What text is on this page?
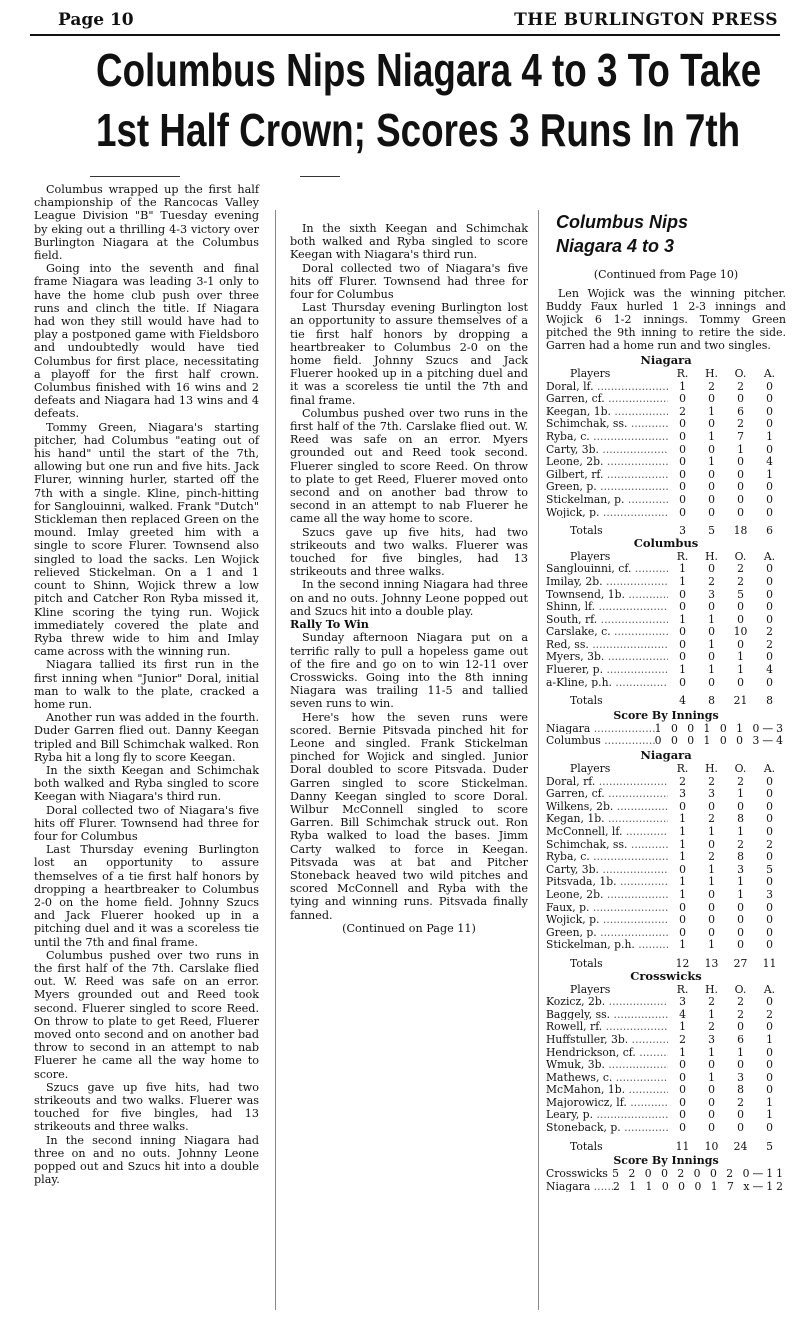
Page 10	THE BURLINGTON PRESS
Columbus Nips Niagara 4 to 3 To Take
1st Half Crown; Scores 3 Runs In 7th

Columbus wrapped up the first half championship of the Rancocas Valley League Division "B" Tuesday evening by eking out a thrilling 4-3 victory over Burlington Niagara at the Columbus field.

Going into the seventh and final frame Niagara was leading 3-1 only to have the home club push over three runs and clinch the title. If Niagara had won they still would have had to play a postponed game with Fieldsboro and undoubtedly would have tied Columbus for first place, necessitating a playoff for the first half crown. Columbus finished with 16 wins and 2 defeats and Niagara had 13 wins and 4 defeats.

Tommy Green, Niagara's starting pitcher, had Columbus "eating out of his hand" until the start of the 7th, allowing but one run and five hits. Jack Flurer, winning hurler, started off the 7th with a single. Kline, pinch-hitting for Sanglouinni, walked. Frank "Dutch" Stickleman then replaced Green on the mound. Imlay greeted him with a single to score Flurer. Townsend also singled to load the sacks. Len Wojick relieved Stickelman. On a 1 and 1 count to Shinn, Wojick threw a low pitch and Catcher Ron Ryba missed it, Kline scoring the tying run. Wojick immediately covered the plate and Ryba threw wide to him and Imlay came across with the winning run.

Niagara tallied its first run in the first inning when "Junior" Doral, initial man to walk to the plate, cracked a home run.

Another run was added in the fourth. Duder Garren flied out. Danny Keegan tripled and Bill Schimchak walked. Ron Ryba hit a long fly to score Keegan.

In the sixth Keegan and Schimchak both walked and Ryba singled to score Keegan with Niagara's third run.

Doral collected two of Niagara's five hits off Flurer. Townsend had three for four for Columbus

Last Thursday evening Burlington lost an opportunity to assure themselves of a tie first half honors by dropping a heartbreaker to Columbus 2-0 on the home field. Johnny Szucs and Jack Fluerer hooked up in a pitching duel and it was a scoreless tie until the 7th and final frame.

Columbus pushed over two runs in the first half of the 7th. Carslake flied out. W. Reed was safe on an error. Myers grounded out and Reed took second. Fluerer singled to score Reed. On throw to plate to get Reed, Fluerer moved onto second and on another bad throw to second in an attempt to nab Fluerer he came all the way home to score.

Szucs gave up five hits, had two strikeouts and two walks. Fluerer was touched for five bingles, had 13 strikeouts and three walks.

In the second inning Niagara had three on and no outs. Johnny Leone popped out and Szucs hit into a double play.

In the sixth Keegan and Schimchak both walked and Ryba singled to score Keegan with Niagara's third run.

Doral collected two of Niagara's five hits off Flurer. Townsend had three for four for Columbus

Last Thursday evening Burlington lost an opportunity to assure themselves of a tie first half honors by dropping a heartbreaker to Columbus 2-0 on the home field. Johnny Szucs and Jack Fluerer hooked up in a pitching duel and it was a scoreless tie until the 7th and final frame.

Columbus pushed over two runs in the first half of the 7th. Carslake flied out. W. Reed was safe on an error. Myers grounded out and Reed took second. Fluerer singled to score Reed. On throw to plate to get Reed, Fluerer moved onto second and on another bad throw to second in an attempt to nab Fluerer he came all the way home to score.

Szucs gave up five hits, had two strikeouts and two walks. Fluerer was touched for five bingles, had 13 strikeouts and three walks.

In the second inning Niagara had three on and no outs. Johnny Leone popped out and Szucs hit into a double play.

Rally To Win

Sunday afternoon Niagara put on a terrific rally to pull a hopeless game out of the fire and go on to win 12-11 over Crosswicks. Going into the 8th inning Niagara was trailing 11-5 and tallied seven runs to win.

Here's how the seven runs were scored. Bernie Pitsvada pinched hit for Leone and singled. Frank Stickelman pinched for Wojick and singled. Junior Doral doubled to score Pitsvada. Duder Garren singled to score Stickelman. Danny Keegan singled to score Doral. Wilbur McConnell singled to score Garren. Bill Schimchak struck out. Ron Ryba walked to load the bases. Jimm Carty walked to force in Keegan. Pitsvada was at bat and Pitcher Stoneback heaved two wild pitches and scored McConnell and Ryba with the tying and winning runs. Pitsvada finally fanned.

(Continued on Page 11)

Columbus Nips
Niagara 4 to 3

(Continued from Page 10)

Len Wojick was the winning pitcher. Buddy Faux hurled 1 2-3 innings and Wojick 6 1-2 innings. Tommy Green pitched the 9th inning to retire the side. Garren had a home run and two singles.

Niagara
Players	R.	H.	O.	A.
Doral, lf. .....	1	2	2	0
Garren, cf. .....	0	0	0	0
Keegan, 1b. .....	2	1	6	0
Schimchak, ss. .....	0	0	2	0
Ryba, c. .....	0	1	7	1
Carty, 3b. .....	0	0	1	0
Leone, 2b. .....	0	1	0	4
Gilbert, rf. .....	0	0	0	1
Green, p. .....	0	0	0	0
Stickelman, p. .....	0	0	0	0
Wojick, p. .....	0	0	0	0
Totals	3	5	18	6
Columbus
Players	R.	H.	O.	A.
Sanglouinni, cf. .....	1	0	2	0
Imilay, 2b. .....	1	2	2	0
Townsend, 1b. .....	0	3	5	0
Shinn, lf. .....	0	0	0	0
South, rf. .....	1	1	0	0
Carslake, c. .....	0	0	10	2
Red, ss. .....	0	1	0	2
Myers, 3b. .....	0	0	1	0
Fluerer, p. .....	1	1	1	4
a-Kline, p.h. .....	0	0	0	0
Totals	4	8	21	8
Score By Innings
Niagara .....	1 0 0 1 0 1 0—3
Columbus .....	0 0 0 1 0 0 3—4
Niagara
Players	R.	H.	O.	A.
Doral, rf. .....	2	2	2	0
Garren, cf. .....	3	3	1	0
Wilkens, 2b. .....	0	0	0	0
Kegan, 1b. .....	1	2	8	0
McConnell, lf. .....	1	1	1	0
Schimchak, ss. .....	1	0	2	2
Ryba, c. .....	1	2	8	0
Carty, 3b. .....	0	1	3	5
Pitsvada, 1b. .....	1	1	1	0
Leone, 2b. .....	1	0	1	3
Faux, p. .....	0	0	0	0
Wojick, p. .....	0	0	0	0
Green, p. .....	0	0	0	0
Stickelman, p.h. .....	1	1	0	0
Totals	12	13	27	11
Crosswicks
Players	R.	H.	O.	A.
Kozicz, 2b. .....	3	2	2	0
Baggely, ss. .....	4	1	2	2
Rowell, rf. .....	1	2	0	0
Huffstuller, 3b. .....	2	3	6	1
Hendrickson, cf. .....	1	1	1	0
Wmuk, 3b. .....	0	0	0	0
Mathews, c. .....	0	1	3	0
McMahon, 1b. .....	0	0	8	0
Majorowicz, lf. .....	0	0	2	1
Leary, p. .....	0	0	0	1
Stoneback, p. .....	0	0	0	0
Totals	11	10	24	5
Score By Innings
Crosswicks ..... 5 2 0 0 2 0 0 2 0—11
Niagara .....	2 1 1 0 0 0 1 7 x—12
